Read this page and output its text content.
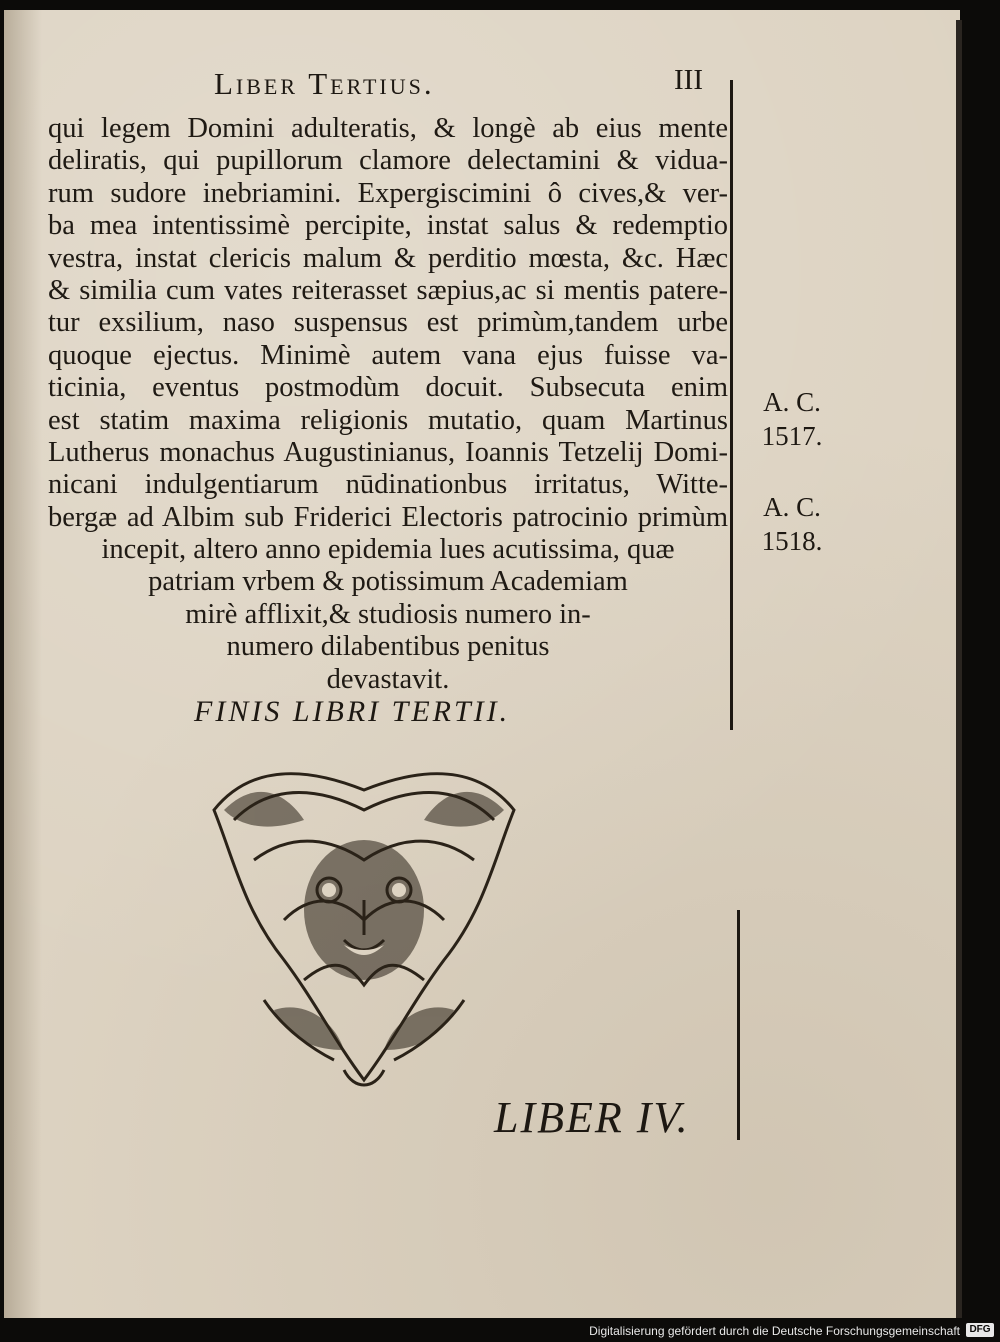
Liber Tertius.	III
qui legem Domini adulteratis, & longè ab eius mente
deliratis, qui pupillorum clamore delectamini & vidua-
rum sudore inebriamini. Expergiscimini ô cives,& ver-
ba mea intentissimè percipite, instat salus & redemptio
vestra, instat clericis malum & perditio mœsta, &c. Hæc
& similia cum vates reiterasset sæpius,ac si mentis patere-
tur exsilium, naso suspensus est primùm,tandem urbe
quoque ejectus. Minimè autem vana ejus fuisse va-
ticinia, eventus postmodùm docuit. Subsecuta enim
est statim maxima religionis mutatio, quam Martinus
Lutherus monachus Augustinianus, Ioannis Tetzelij Domi-
nicani indulgentiarum nūdinationbus irritatus, Witte-
bergæ ad Albim sub Friderici Electoris patrocinio primùm
incepit, altero anno epidemia lues acutissima, quæ
patriam vrbem & potissimum Academiam
mirè afflixit,& studiosis numero in-
numero dilabentibus penitus
devastavit.
A. C.
1517.
A. C.
1518.
FINIS LIBRI TERTII.
LIBER IV.
Digitalisierung gefördert durch die Deutsche Forschungsgemeinschaft DFG
